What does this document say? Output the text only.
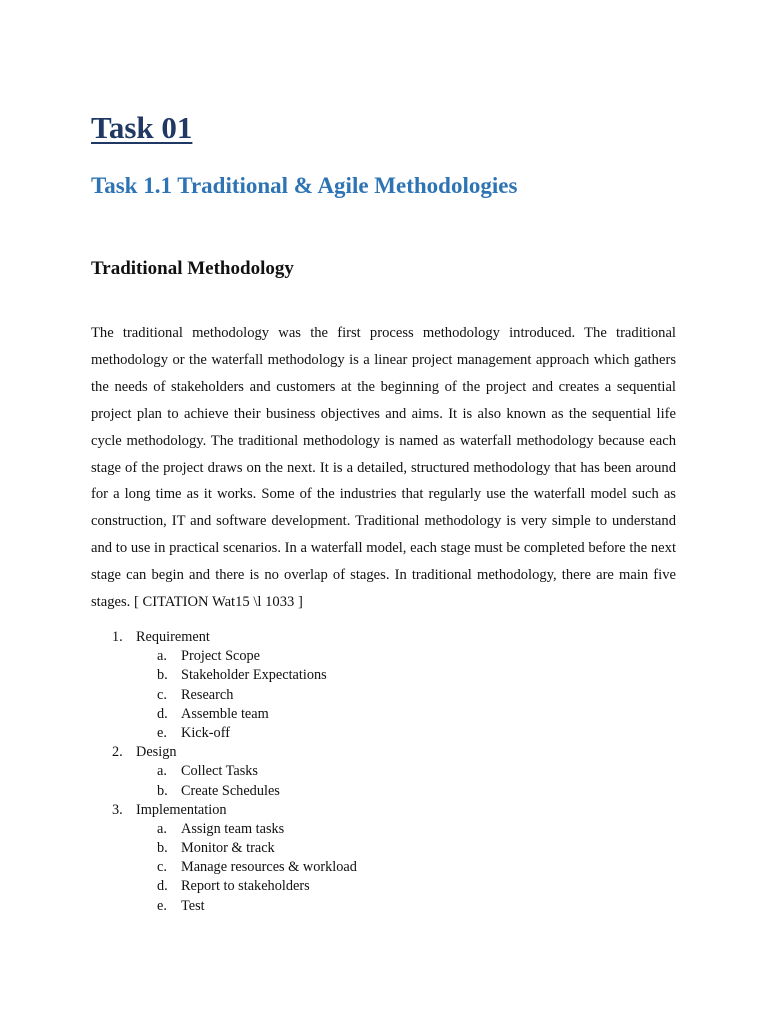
Task 01
Task 1.1 Traditional & Agile Methodologies
Traditional Methodology

The traditional methodology was the first process methodology introduced. The traditional methodology or the waterfall methodology is a linear project management approach which gathers the needs of stakeholders and customers at the beginning of the project and creates a sequential project plan to achieve their business objectives and aims. It is also known as the sequential life cycle methodology. The traditional methodology is named as waterfall methodology because each stage of the project draws on the next. It is a detailed, structured methodology that has been around for a long time as it works. Some of the industries that regularly use the waterfall model such as construction, IT and software development. Traditional methodology is very simple to understand and to use in practical scenarios. In a waterfall model, each stage must be completed before the next stage can begin and there is no overlap of stages. In traditional methodology, there are main five stages. [ CITATION Wat15 \l 1033 ]

1. Requirement
a. Project Scope
b. Stakeholder Expectations
c. Research
d. Assemble team
e. Kick-off
2. Design
a. Collect Tasks
b. Create Schedules
3. Implementation
a. Assign team tasks
b. Monitor & track
c. Manage resources & workload
d. Report to stakeholders
e. Test
